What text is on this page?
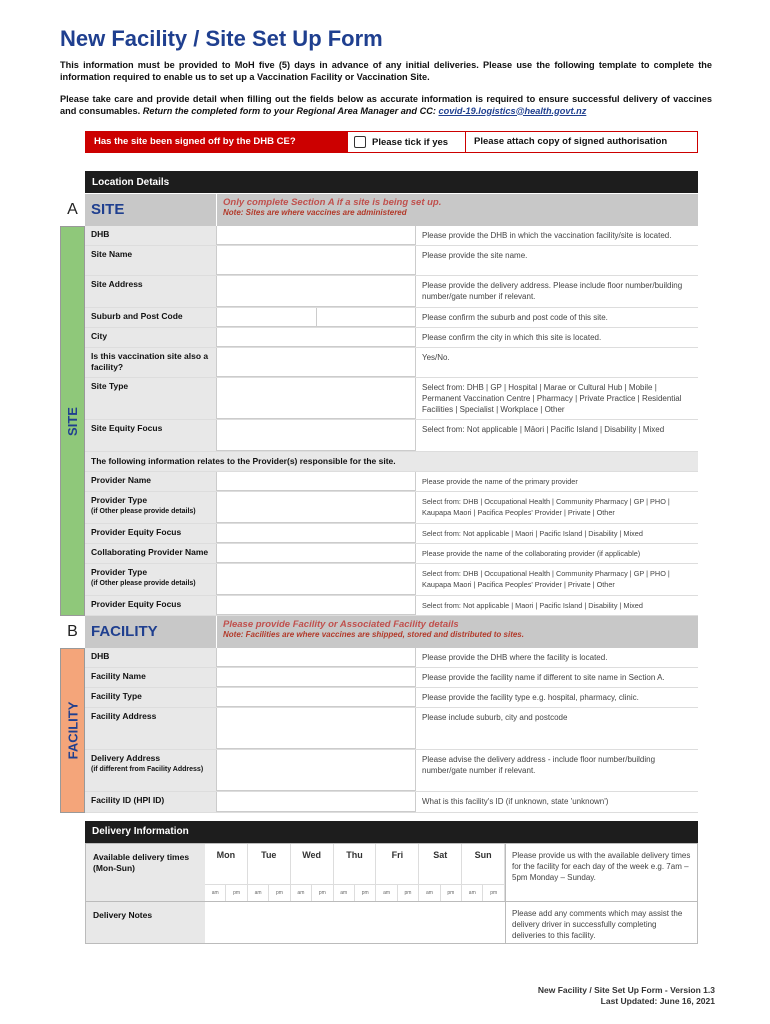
New Facility / Site Set Up Form
This information must be provided to MoH five (5) days in advance of any initial deliveries. Please use the following template to complete the information required to enable us to set up a Vaccination Facility or Vaccination Site.
Please take care and provide detail when filling out the fields below as accurate information is required to ensure successful delivery of vaccines and consumables. Return the completed form to your Regional Area Manager and CC: covid-19.logistics@health.govt.nz
Has the site been signed off by the DHB CE?	Please tick if yes	Please attach copy of signed authorisation
Location Details
A SITE	Only complete Section A if a site is being set up.
Note: Sites are where vaccines are administered
SITE
DHB	Please provide the DHB in which the vaccination facility/site is located.
Site Name	Please provide the site name.
Site Address	Please provide the delivery address. Please include floor number/building number/gate number if relevant.
Suburb and Post Code	Please confirm the suburb and post code of this site.
City	Please confirm the city in which this site is located.
Is this vaccination site also a facility?
Yes/No.
Site Type	Select from: DHB | GP | Hospital | Marae or Cultural Hub | Mobile | Permanent Vaccination Centre | Pharmacy | Private Practice | Residential Facilities | Specialist | Workplace | Other
Site Equity Focus	Select from: Not applicable | Māori | Pacific Island | Disability | Mixed
The following information relates to the Provider(s) responsible for the site.
Provider Name	Please provide the name of the primary provider
Provider Type
(if Other please provide details)
Select from: DHB | Occupational Health | Community Pharmacy | GP | PHO | Kaupapa Maori | Pacifica Peoples' Provider | Private | Other
Provider Equity Focus	Select from: Not applicable | Maori | Pacific Island | Disability | Mixed
Collaborating Provider Name	Please provide the name of the collaborating provider (if applicable)
Provider Type
(if Other please provide details)
Select from: DHB | Occupational Health | Community Pharmacy | GP | PHO | Kaupapa Maori | Pacifica Peoples' Provider | Private | Other
Provider Equity Focus	Select from: Not applicable | Maori | Pacific Island | Disability | Mixed
B FACILITY	Please provide Facility or Associated Facility details
Note: Facilities are where vaccines are shipped, stored and distributed to sites.
FACILITY
DHB	Please provide the DHB where the facility is located.
Facility Name	Please provide the facility name if different to site name in Section A.
Facility Type	Please provide the facility type e.g. hospital, pharmacy, clinic.
Facility Address	Please include suburb, city and postcode
Delivery Address
(if different from Facility Address)
Please advise the delivery address - include floor number/building number/gate number if relevant.
Facility ID (HPI ID)	What is this facility's ID (if unknown, state 'unknown')
Delivery Information
Available delivery times (Mon-Sun)
Mon	Tue	Wed	Thu	Fri	Sat	Sun
am	pm	am	pm	am	pm	am	pm	am	pm	am	pm	am	pm
Please provide us with the available delivery times for the facility for each day of the week e.g. 7am – 5pm Monday – Sunday.
Delivery Notes	Please add any comments which may assist the delivery driver in successfully completing deliveries to this facility.
New Facility / Site Set Up Form - Version 1.3
Last Updated: June 16, 2021
